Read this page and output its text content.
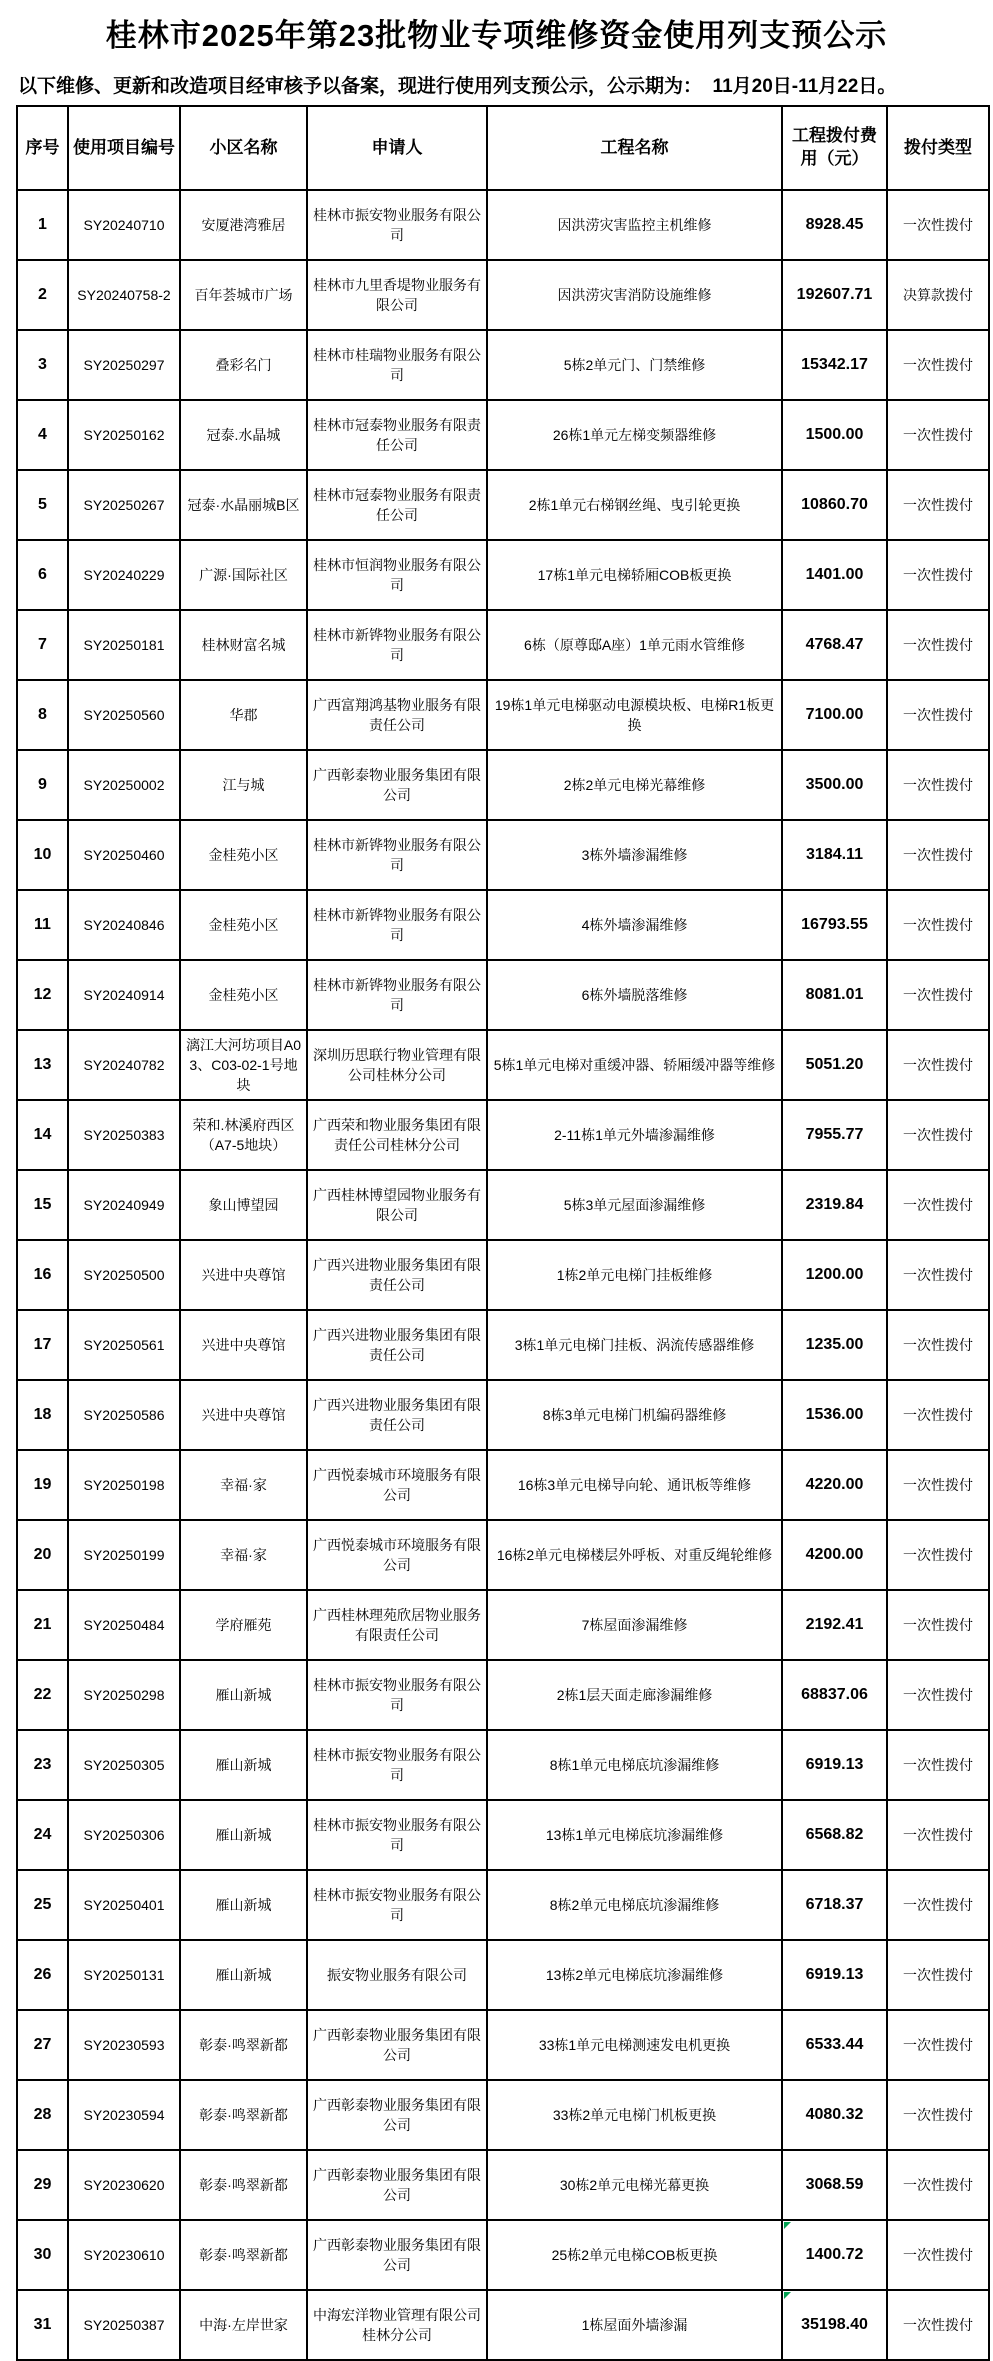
桂林市2025年第23批物业专项维修资金使用列支预公示

以下维修、更新和改造项目经审核予以备案，现进行使用列支预公示，公示期为：  11月20日-11月22日。

序号	使用项目编号	小区名称	申请人	工程名称	工程拨付费用（元）	拨付类型
1	SY20240710	安厦港湾雅居	桂林市振安物业服务有限公司	因洪涝灾害监控主机维修	8928.45	一次性拨付
2	SY20240758-2	百年荟城市广场	桂林市九里香堤物业服务有限公司	因洪涝灾害消防设施维修	192607.71	决算款拨付
3	SY20250297	叠彩名门	桂林市桂瑞物业服务有限公司	5栋2单元门、门禁维修	15342.17	一次性拨付
4	SY20250162	冠泰.水晶城	桂林市冠泰物业服务有限责任公司	26栋1单元左梯变频器维修	1500.00	一次性拨付
5	SY20250267	冠泰·水晶丽城B区	桂林市冠泰物业服务有限责任公司	2栋1单元右梯钢丝绳、曳引轮更换	10860.70	一次性拨付
6	SY20240229	广源·国际社区	桂林市恒润物业服务有限公司	17栋1单元电梯轿厢COB板更换	1401.00	一次性拨付
7	SY20250181	桂林财富名城	桂林市新铧物业服务有限公司	6栋（原尊邸A座）1单元雨水管维修	4768.47	一次性拨付
8	SY20250560	华郡	广西富翔鸿基物业服务有限责任公司	19栋1单元电梯驱动电源模块板、电梯R1板更换	7100.00	一次性拨付
9	SY20250002	江与城	广西彰泰物业服务集团有限公司	2栋2单元电梯光幕维修	3500.00	一次性拨付
10	SY20250460	金桂苑小区	桂林市新铧物业服务有限公司	3栋外墙渗漏维修	3184.11	一次性拨付
11	SY20240846	金桂苑小区	桂林市新铧物业服务有限公司	4栋外墙渗漏维修	16793.55	一次性拨付
12	SY20240914	金桂苑小区	桂林市新铧物业服务有限公司	6栋外墙脱落维修	8081.01	一次性拨付
13	SY20240782	漓江大河坊项目A03、C03-02-1号地块	深圳历思联行物业管理有限公司桂林分公司	5栋1单元电梯对重缓冲器、轿厢缓冲器等维修	5051.20	一次性拨付
14	SY20250383	荣和.林溪府西区（A7-5地块）	广西荣和物业服务集团有限责任公司桂林分公司	2-11栋1单元外墙渗漏维修	7955.77	一次性拨付
15	SY20240949	象山博望园	广西桂林博望园物业服务有限公司	5栋3单元屋面渗漏维修	2319.84	一次性拨付
16	SY20250500	兴进中央尊馆	广西兴进物业服务集团有限责任公司	1栋2单元电梯门挂板维修	1200.00	一次性拨付
17	SY20250561	兴进中央尊馆	广西兴进物业服务集团有限责任公司	3栋1单元电梯门挂板、涡流传感器维修	1235.00	一次性拨付
18	SY20250586	兴进中央尊馆	广西兴进物业服务集团有限责任公司	8栋3单元电梯门机编码器维修	1536.00	一次性拨付
19	SY20250198	幸福·家	广西悦泰城市环境服务有限公司	16栋3单元电梯导向轮、通讯板等维修	4220.00	一次性拨付
20	SY20250199	幸福·家	广西悦泰城市环境服务有限公司	16栋2单元电梯楼层外呼板、对重反绳轮维修	4200.00	一次性拨付
21	SY20250484	学府雁苑	广西桂林理苑欣居物业服务有限责任公司	7栋屋面渗漏维修	2192.41	一次性拨付
22	SY20250298	雁山新城	桂林市振安物业服务有限公司	2栋1层天面走廊渗漏维修	68837.06	一次性拨付
23	SY20250305	雁山新城	桂林市振安物业服务有限公司	8栋1单元电梯底坑渗漏维修	6919.13	一次性拨付
24	SY20250306	雁山新城	桂林市振安物业服务有限公司	13栋1单元电梯底坑渗漏维修	6568.82	一次性拨付
25	SY20250401	雁山新城	桂林市振安物业服务有限公司	8栋2单元电梯底坑渗漏维修	6718.37	一次性拨付
26	SY20250131	雁山新城	振安物业服务有限公司	13栋2单元电梯底坑渗漏维修	6919.13	一次性拨付
27	SY20230593	彰泰·鸣翠新都	广西彰泰物业服务集团有限公司	33栋1单元电梯测速发电机更换	6533.44	一次性拨付
28	SY20230594	彰泰·鸣翠新都	广西彰泰物业服务集团有限公司	33栋2单元电梯门机板更换	4080.32	一次性拨付
29	SY20230620	彰泰·鸣翠新都	广西彰泰物业服务集团有限公司	30栋2单元电梯光幕更换	3068.59	一次性拨付
30	SY20230610	彰泰·鸣翠新都	广西彰泰物业服务集团有限公司	25栋2单元电梯COB板更换	1400.72	一次性拨付
31	SY20250387	中海·左岸世家	中海宏洋物业管理有限公司桂林分公司	1栋屋面外墙渗漏	35198.40	一次性拨付
